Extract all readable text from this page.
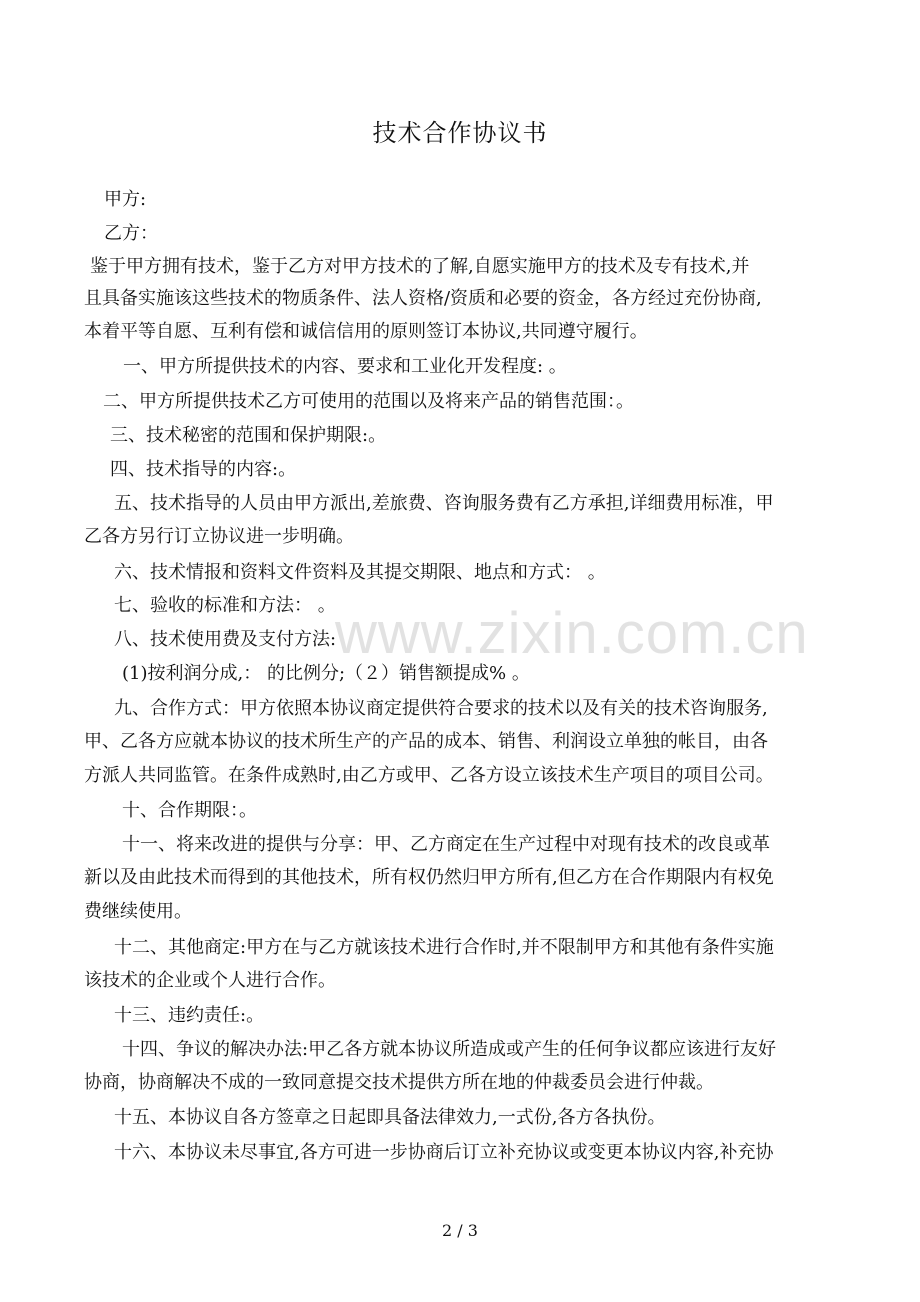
技术合作协议书
甲方:
乙方：
鉴于甲方拥有技术，鉴于乙方对甲方技术的了解,自愿实施甲方的技术及专有技术,并
且具备实施该这些技术的物质条件、法人资格/资质和必要的资金，各方经过充份协商,
本着平等自愿、互利有偿和诚信信用的原则签订本协议,共同遵守履行。
一、甲方所提供技术的内容、要求和工业化开发程度: 。
二、甲方所提供技术乙方可使用的范围以及将来产品的销售范围：。
三、技术秘密的范围和保护期限:。
四、技术指导的内容:。
五、技术指导的人员由甲方派出,差旅费、咨询服务费有乙方承担,详细费用标准，甲
乙各方另行订立协议进一步明确。
六、技术情报和资料文件资料及其提交期限、地点和方式： 。
七、验收的标准和方法： 。
八、技术使用费及支付方法:
(1)按利润分成,： 的比例分;（２）销售额提成% 。
九、合作方式：甲方依照本协议商定提供符合要求的技术以及有关的技术咨询服务,
甲、乙各方应就本协议的技术所生产的产品的成本、销售、利润设立单独的帐目，由各
方派人共同监管。在条件成熟时,由乙方或甲、乙各方设立该技术生产项目的项目公司。
十、合作期限：。
十一、将来改进的提供与分享：甲、乙方商定在生产过程中对现有技术的改良或革
新以及由此技术而得到的其他技术，所有权仍然归甲方所有,但乙方在合作期限内有权免
费继续使用。
十二、其他商定:甲方在与乙方就该技术进行合作时,并不限制甲方和其他有条件实施
该技术的企业或个人进行合作。
十三、违约责任:。
十四、争议的解决办法:甲乙各方就本协议所造成或产生的任何争议都应该进行友好
协商，协商解决不成的一致同意提交技术提供方所在地的仲裁委员会进行仲裁。
十五、本协议自各方签章之日起即具备法律效力,一式份,各方各执份。
十六、本协议未尽事宜,各方可进一步协商后订立补充协议或变更本协议内容,补充协
www.zixin.com.cn
2 / 3
